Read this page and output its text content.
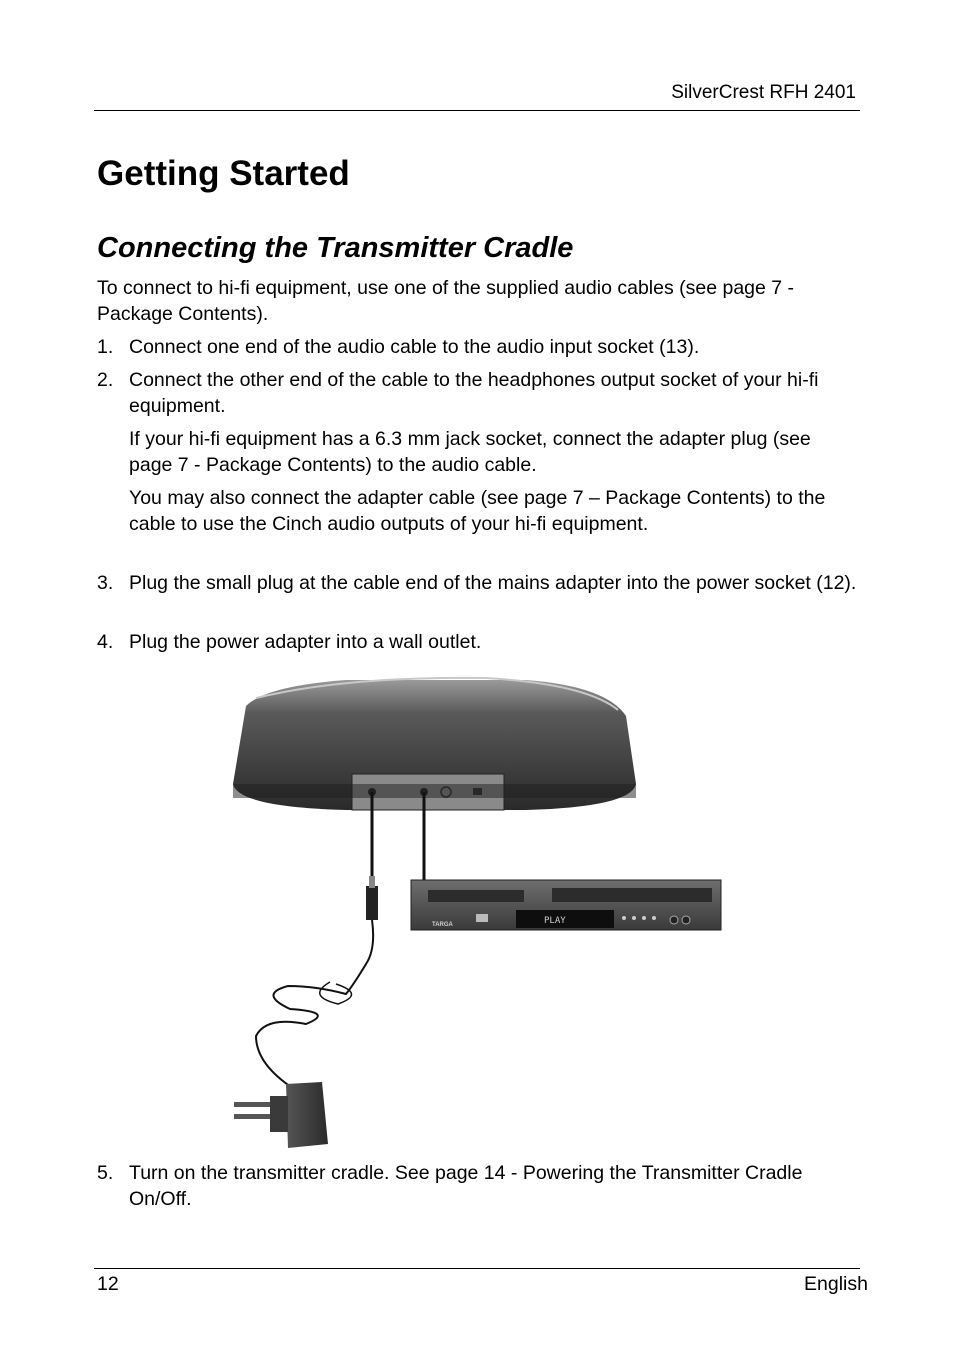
SilverCrest RFH 2401
Getting Started
Connecting the Transmitter Cradle
To connect to hi-fi equipment, use one of the supplied audio cables (see page 7 - Package Contents).
1. Connect one end of the audio cable to the audio input socket (13).
2. Connect the other end of the cable to the headphones output socket of your hi-fi equipment.
If your hi-fi equipment has a 6.3 mm jack socket, connect the adapter plug (see page 7 - Package Contents) to the audio cable.
You may also connect the adapter cable (see page 7 – Package Contents) to the cable to use the Cinch audio outputs of your hi-fi equipment.
3. Plug the small plug at the cable end of the mains adapter into the power socket (12).
4. Plug the power adapter into a wall outlet.
PLAY
TARGA
5. Turn on the transmitter cradle. See page 14 - Powering the Transmitter Cradle On/Off.
12	English
